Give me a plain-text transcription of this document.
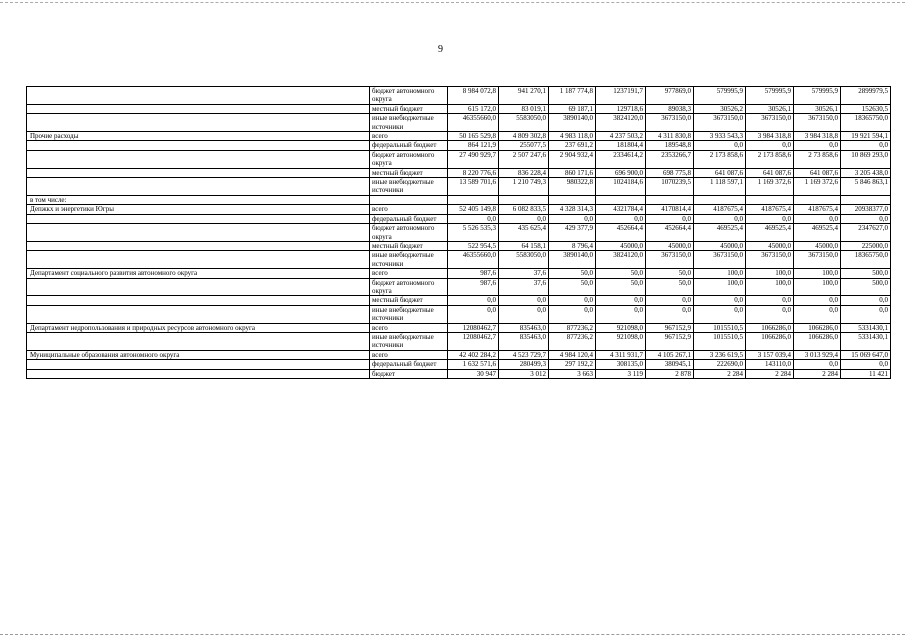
9
	бюджет автономного округа	8 984 072,8	941 270,1	1 187 774,8	1237191,7	977869,0	579995,9	579995,9	579995,9	2899979,5
	местный бюджет	615 172,0	83 019,1	69 187,1	129718,6	89038,3	30526,2	30526,1	30526,1	152630,5
	иные внебюджетные источники	46355660,0	5583050,0	3890140,0	3824120,0	3673150,0	3673150,0	3673150,0	3673150,0	18365750,0
Прочие расходы	всего	50 165 529,8	4 809 302,8	4 983 118,0	4 237 503,2	4 311 830,8	3 933 543,3	3 984 318,8	3 984 318,8	19 921 594,1
	федеральный бюджет	864 121,9	255077,5	237 691,2	181804,4	189548,8	0,0	0,0	0,0	0,0
	бюджет автономного округа	27 490 929,7	2 507 247,6	2 904 932,4	2334614,2	2353266,7	2 173 858,6	2 173 858,6	2 73 858,6	10 869 293,0
	местный бюджет	8 220 776,6	836 228,4	860 171,6	696 900,0	698 775,8	641 087,6	641 087,6	641 087,6	3 205 438,0
	иные внебюджетные источники	13 589 701,6	1 210 749,3	980322,8	1024184,6	1070239,5	1 118 597,1	1 169 372,6	1 169 372,6	5 846 863,1
в том числе:										
Депжкх и энергетики Югры	всего	52 405 149,8	6 082 833,5	4 328 314,3	4321784,4	4170814,4	4187675,4	4187675,4	4187675,4	20938377,0
	федеральный бюджет	0,0	0,0	0,0	0,0	0,0	0,0	0,0	0,0	0,0
	бюджет автономного округа	5 526 535,3	435 625,4	429 377,9	452664,4	452664,4	469525,4	469525,4	469525,4	2347627,0
	местный бюджет	522 954,5	64 158,1	8 796,4	45000,0	45000,0	45000,0	45000,0	45000,0	225000,0
	иные внебюджетные источники	46355660,0	5583050,0	3890140,0	3824120,0	3673150,0	3673150,0	3673150,0	3673150,0	18365750,0
Департамент социального развития автономного округа	всего	987,6	37,6	50,0	50,0	50,0	100,0	100,0	100,0	500,0
	бюджет автономного округа	987,6	37,6	50,0	50,0	50,0	100,0	100,0	100,0	500,0
	местный бюджет	0,0	0,0	0,0	0,0	0,0	0,0	0,0	0,0	0,0
	иные внебюджетные источники	0,0	0,0	0,0	0,0	0,0	0,0	0,0	0,0	0,0
Департамент недропользования и природных ресурсов автономного округа	всего	12080462,7	835463,0	877236,2	921098,0	967152,9	1015510,5	1066286,0	1066286,0	5331430,1
	иные внебюджетные источники	12080462,7	835463,0	877236,2	921098,0	967152,9	1015510,5	1066286,0	1066286,0	5331430,1
Муниципальные образования автономного округа	всего	42 402 284,2	4 523 729,7	4 984 120,4	4 311 931,7	4 105 267,1	3 236 619,5	3 157 039,4	3 013 929,4	15 069 647,0
	федеральный бюджет	1 632 571,6	280499,3	297 192,2	308135,0	380945,1	222690,0	143110,0	0,0	0,0
	бюджет	30 947	3 012	3 663	3 119	2 878	2 284	2 284	2 284	11 421
